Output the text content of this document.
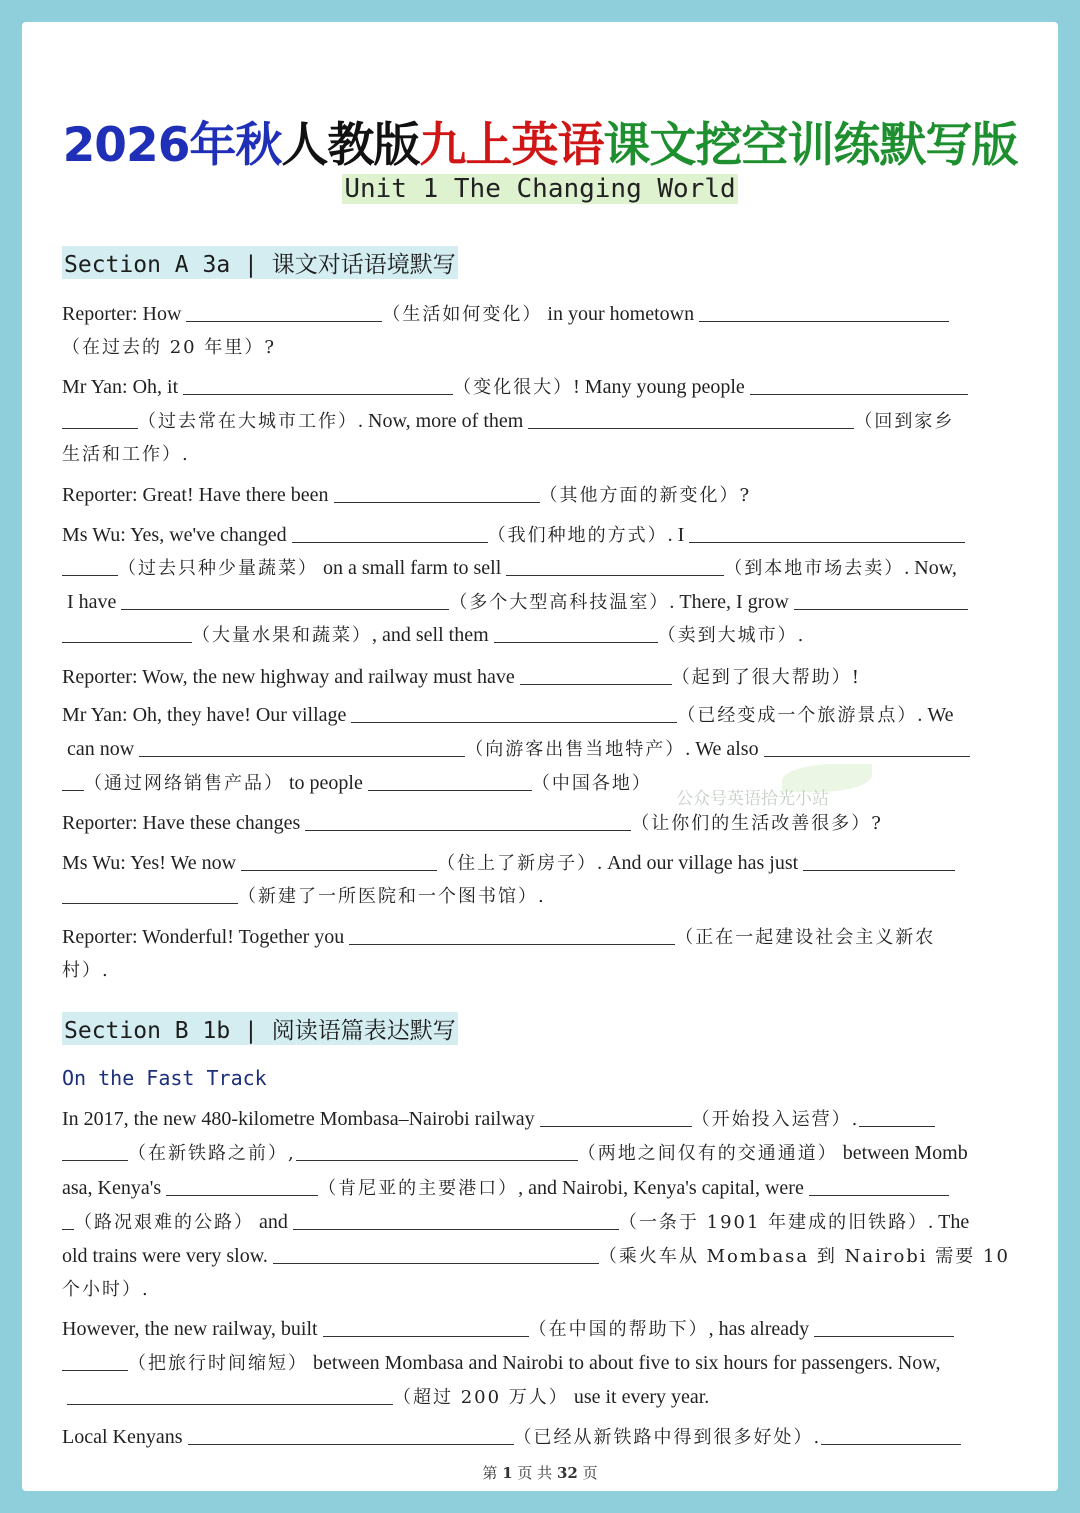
2026年秋人教版九上英语课文挖空训练默写版
Unit 1 The Changing World
Section A 3a | 课文对话语境默写
Reporter: How	（生活如何变化） in your hometown
（在过去的 20 年里）?
Mr Yan: Oh, it	（变化很大）! Many young people
（过去常在大城市工作）. Now, more of them	（回到家乡
生活和工作）.
Reporter: Great! Have there been	（其他方面的新变化）?
Ms Wu: Yes, we've changed	（我们种地的方式）. I
（过去只种少量蔬菜） on a small farm to sell	（到本地市场去卖）. Now,
I have	（多个大型高科技温室）. There, I grow
（大量水果和蔬菜）, and sell them	（卖到大城市）.
Reporter: Wow, the new highway and railway must have	（起到了很大帮助）!
Mr Yan: Oh, they have! Our village	（已经变成一个旅游景点）. We
can now	（向游客出售当地特产）. We also
（通过网络销售产品） to people	（中国各地）
公众号英语拾光小站
Reporter: Have these changes	（让你们的生活改善很多）?
Ms Wu: Yes! We now	（住上了新房子）. And our village has just
（新建了一所医院和一个图书馆）.
Reporter: Wonderful! Together you	（正在一起建设社会主义新农
村）.
Section B 1b | 阅读语篇表达默写
On the Fast Track
In 2017, the new 480-kilometre Mombasa–Nairobi railway	（开始投入运营）.
（在新铁路之前）,	（两地之间仅有的交通通道） between Momb
asa, Kenya's	（肯尼亚的主要港口）, and Nairobi, Kenya's capital, were
（路况艰难的公路） and	（一条于 1901 年建成的旧铁路）. The
old trains were very slow.	（乘火车从 Mombasa 到 Nairobi 需要 10
个小时）.
However, the new railway, built	（在中国的帮助下）, has already
（把旅行时间缩短） between Mombasa and Nairobi to about five to six hours for passengers. Now,
（超过 200 万人） use it every year.
Local Kenyans	（已经从新铁路中得到很多好处）.
第 1 页 共 32 页
